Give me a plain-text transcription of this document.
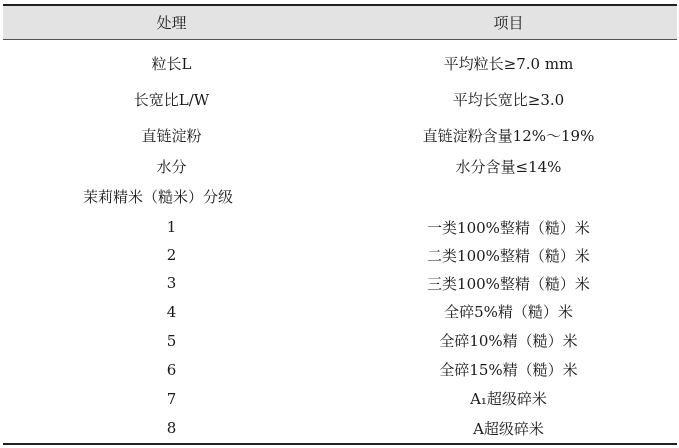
处理	项目
粒长L	平均粒长≥7.0 mm
长宽比L/W	平均长宽比≥3.0
直链淀粉	直链淀粉含量12%～19%
水分	水分含量≤14%
茉莉精米（糙米）分级
1	一类100%整精（糙）米
2	二类100%整精（糙）米
3	三类100%整精（糙）米
4	全碎5%精（糙）米
5	全碎10%精（糙）米
6	全碎15%精（糙）米
7	A₁超级碎米
8	A超级碎米
